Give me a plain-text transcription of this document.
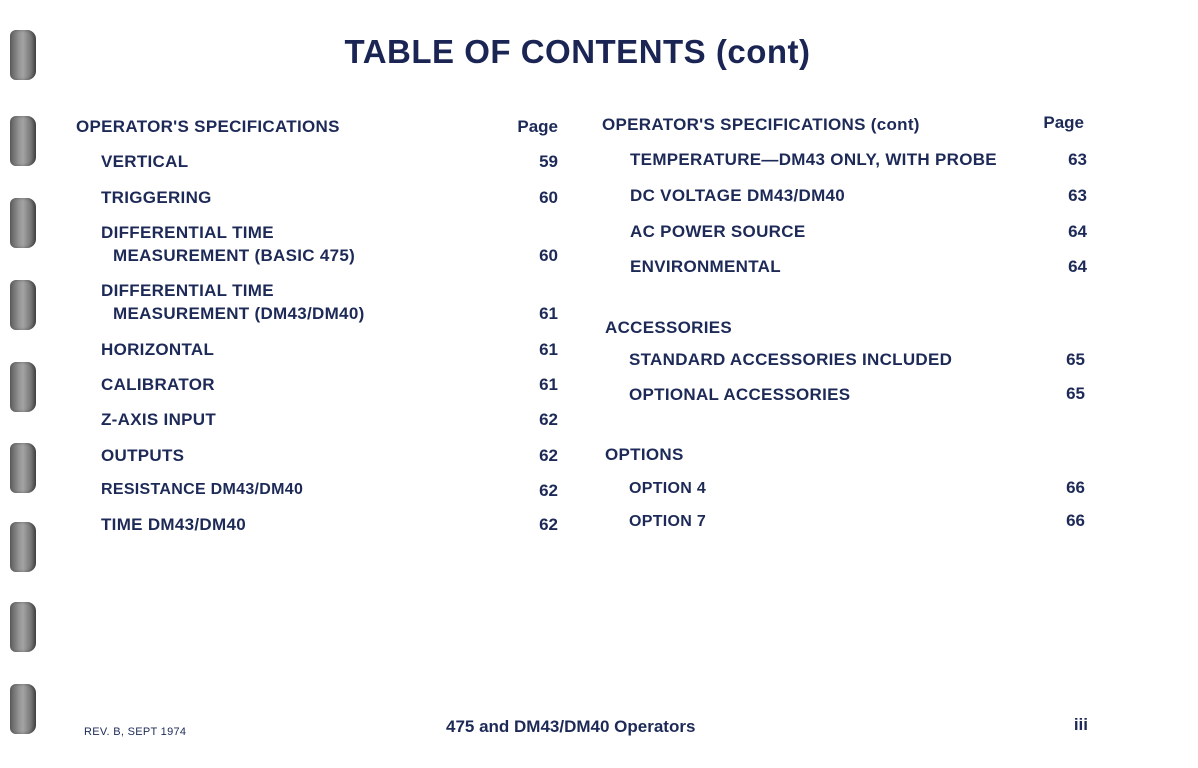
TABLE OF CONTENTS (cont)
OPERATOR'S SPECIFICATIONS	Page
VERTICAL	59
TRIGGERING	60
DIFFERENTIAL TIME
MEASUREMENT (BASIC 475)	60
DIFFERENTIAL TIME
MEASUREMENT (DM43/DM40)	61
HORIZONTAL	61
CALIBRATOR	61
Z-AXIS INPUT	62
OUTPUTS	62
RESISTANCE DM43/DM40	62
TIME DM43/DM40	62
OPERATOR'S SPECIFICATIONS (cont)	Page
TEMPERATURE—DM43 ONLY, WITH PROBE	63
DC VOLTAGE DM43/DM40	63
AC POWER SOURCE	64
ENVIRONMENTAL	64
ACCESSORIES
STANDARD ACCESSORIES INCLUDED	65
OPTIONAL ACCESSORIES	65
OPTIONS
OPTION 4	66
OPTION 7	66
REV. B, SEPT 1974	475 and DM43/DM40 Operators	iii
